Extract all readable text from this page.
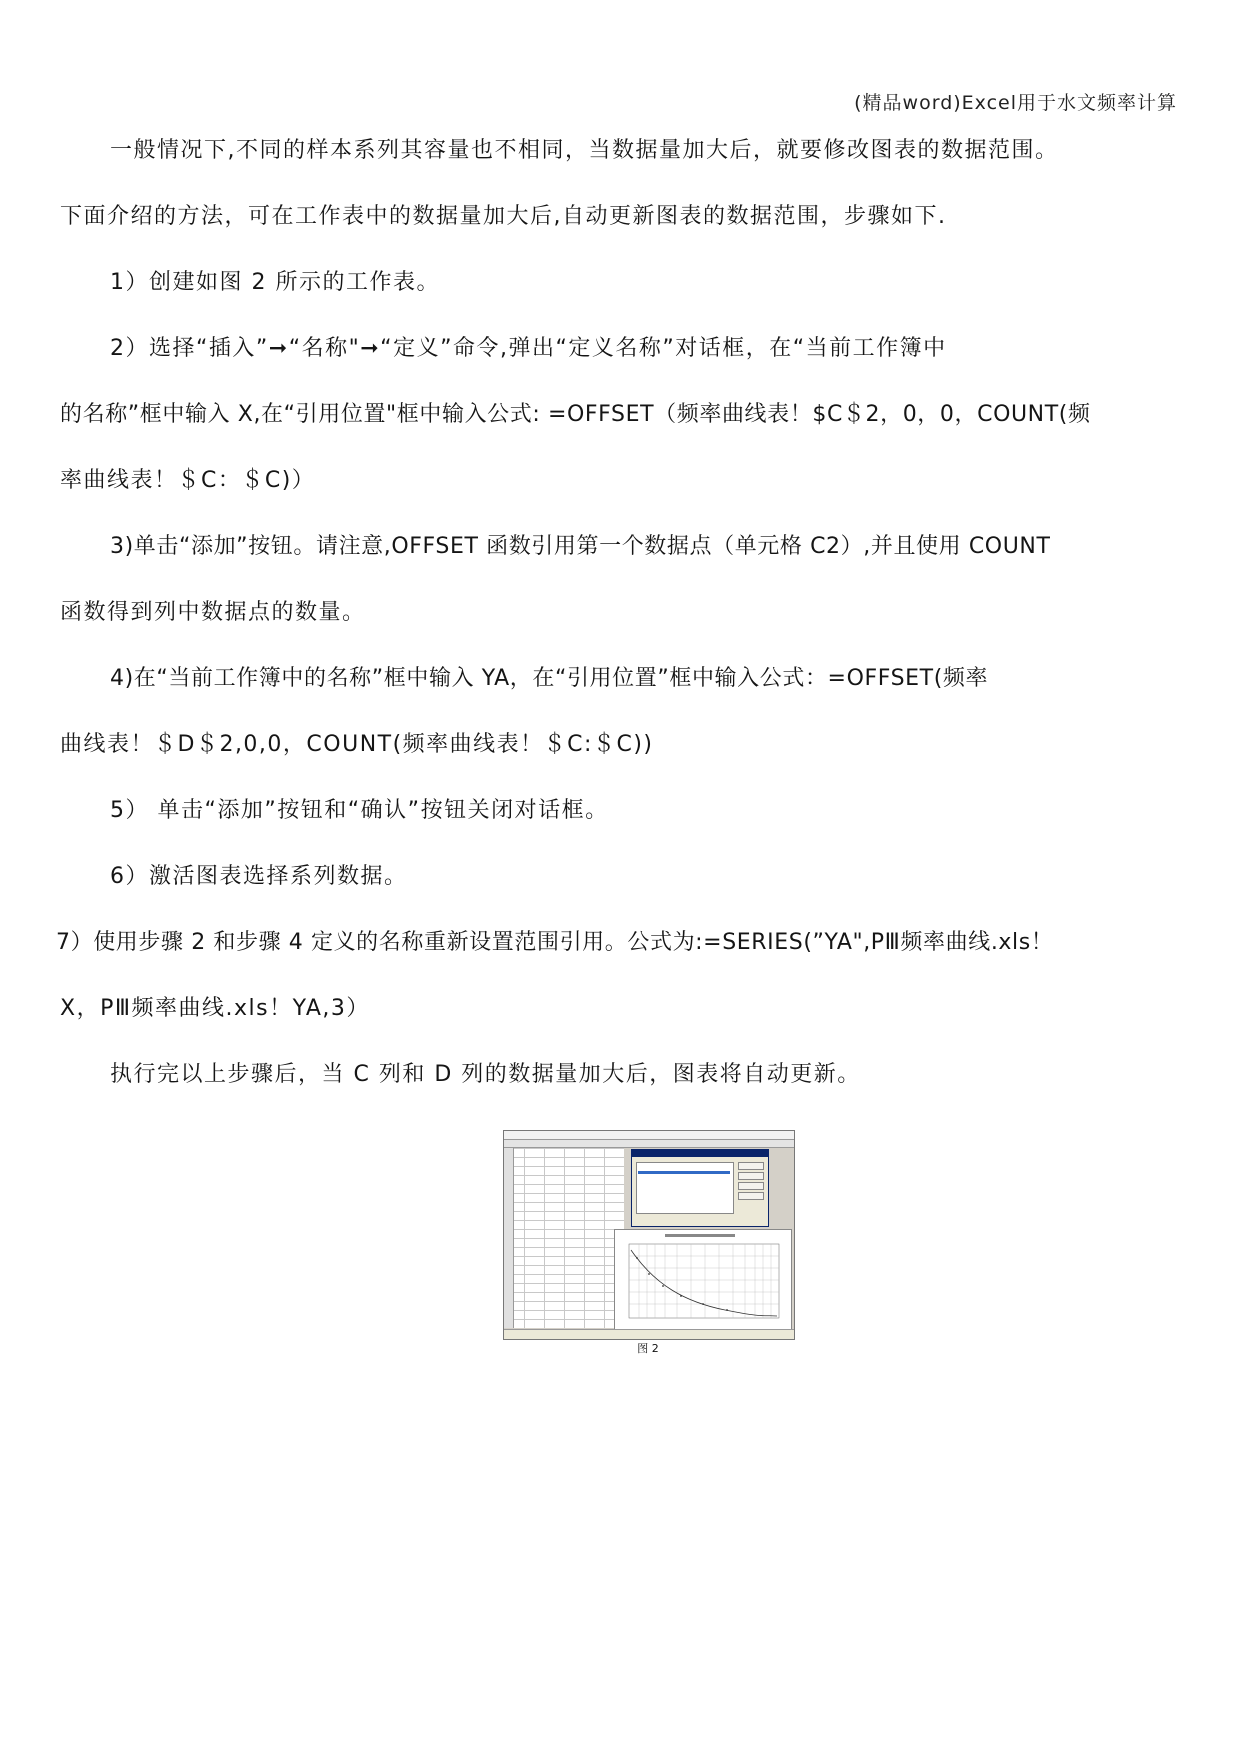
(精品word)Excel用于水文频率计算
一般情况下,不同的样本系列其容量也不相同，当数据量加大后，就要修改图表的数据范围。
下面介绍的方法，可在工作表中的数据量加大后,自动更新图表的数据范围，步骤如下.
1）创建如图 2 所示的工作表。
2）选择“插入”➞“名称"➞“定义”命令,弹出“定义名称”对话框，在“当前工作簿中
的名称”框中输入 X,在“引用位置"框中输入公式: =OFFSET（频率曲线表！$C＄2，0，0，COUNT(频
率曲线表！＄C：＄C)）
3)单击“添加”按钮。请注意,OFFSET 函数引用第一个数据点（单元格 C2）,并且使用 COUNT
函数得到列中数据点的数量。
4)在“当前工作簿中的名称”框中输入 YA，在“引用位置”框中输入公式：=OFFSET(频率
曲线表！＄D＄2,0,0，COUNT(频率曲线表！＄C:＄C))
5） 单击“添加”按钮和“确认”按钮关闭对话框。
6）激活图表选择系列数据。
7）使用步骤 2 和步骤 4 定义的名称重新设置范围引用。公式为:=SERIES(”YA",PⅢ频率曲线.xls！
X，PⅢ频率曲线.xls！YA,3）
执行完以上步骤后，当 C 列和 D 列的数据量加大后，图表将自动更新。
图 2
